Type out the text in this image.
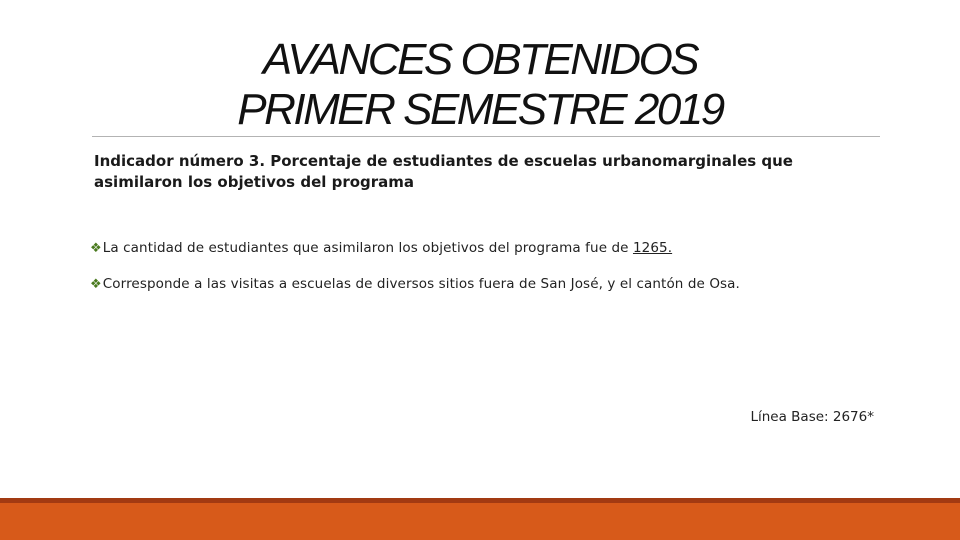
AVANCES OBTENIDOS
PRIMER SEMESTRE 2019
Indicador número 3. Porcentaje de estudiantes de escuelas urbanomarginales que asimilaron los objetivos del programa
❖La cantidad de estudiantes que asimilaron los objetivos del programa fue de 1265.
❖Corresponde a las visitas a escuelas de diversos sitios fuera de San José, y el cantón de Osa.
Línea Base: 2676*
